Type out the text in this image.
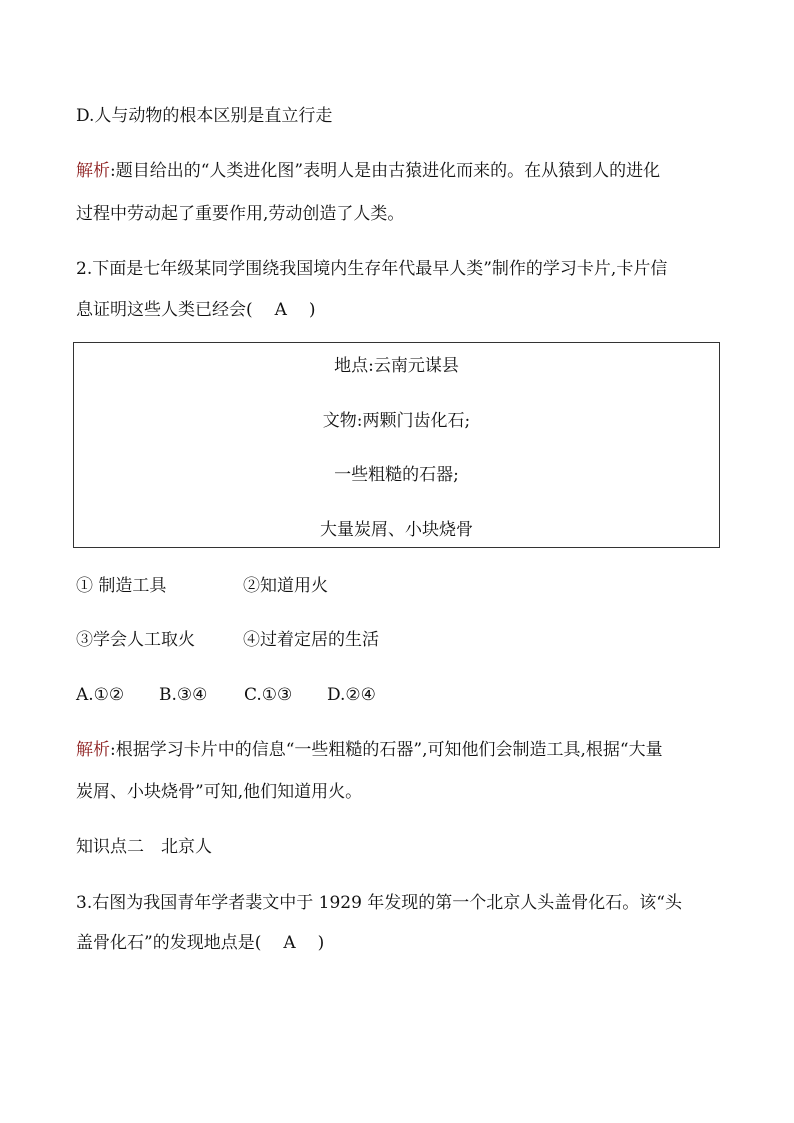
D.人与动物的根本区别是直立行走
解析:题目给出的“人类进化图”表明人是由古猿进化而来的。在从猿到人的进化
过程中劳动起了重要作用,劳动创造了人类。
2.下面是七年级某同学围绕我国境内生存年代最早人类”制作的学习卡片,卡片信
息证明这些人类已经会( A )
地点:云南元谋县
文物:两颗门齿化石;
一些粗糙的石器;
大量炭屑、小块烧骨
① 制造工具	②知道用火
③学会人工取火	④过着定居的生活
A.①② B.③④ C.①③ D.②④
解析:根据学习卡片中的信息“一些粗糙的石器”,可知他们会制造工具,根据“大量
炭屑、小块烧骨”可知,他们知道用火。
知识点二　北京人
3.右图为我国青年学者裴文中于 1929 年发现的第一个北京人头盖骨化石。该“头
盖骨化石”的发现地点是( A )
